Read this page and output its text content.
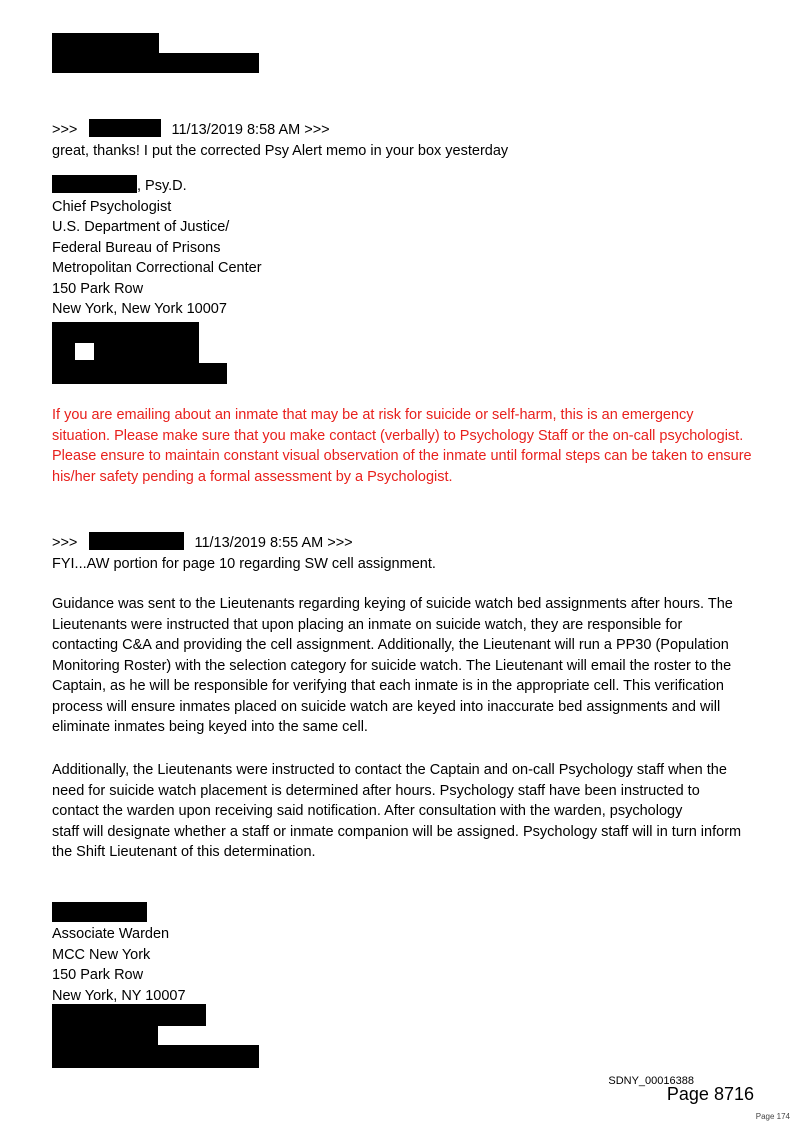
>>>	11/13/2019 8:58 AM >>>

great, thanks! I put the corrected Psy Alert memo in your box yesterday

, Psy.D.

Chief Psychologist

U.S. Department of Justice/

Federal Bureau of Prisons

Metropolitan Correctional Center

150 Park Row

New York, New York 10007

If you are emailing about an inmate that may be at risk for suicide or self-harm, this is an emergency

situation. Please make sure that you make contact (verbally) to Psychology Staff or the on-call psychologist.

Please ensure to maintain constant visual observation of the inmate until formal steps can be taken to ensure

his/her safety pending a formal assessment by a Psychologist.

>>>	11/13/2019 8:55 AM >>>

FYI...AW portion for page 10 regarding SW cell assignment.

Guidance was sent to the Lieutenants regarding keying of suicide watch bed assignments after hours. The

Lieutenants were instructed that upon placing an inmate on suicide watch, they are responsible for

contacting C&A and providing the cell assignment. Additionally, the Lieutenant will run a PP30 (Population

Monitoring Roster) with the selection category for suicide watch. The Lieutenant will email the roster to the

Captain, as he will be responsible for verifying that each inmate is in the appropriate cell. This verification

process will ensure inmates placed on suicide watch are keyed into inaccurate bed assignments and will

eliminate inmates being keyed into the same cell.

Additionally, the Lieutenants were instructed to contact the Captain and on-call Psychology staff when the

need for suicide watch placement is determined after hours. Psychology staff have been instructed to

contact the warden upon receiving said notification. After consultation with the warden, psychology

staff will designate whether a staff or inmate companion will be assigned. Psychology staff will in turn inform

the Shift Lieutenant of this determination.

Associate Warden

MCC New York

150 Park Row

New York, NY 10007

SDNY_00016388
Page 8716
Page 174
